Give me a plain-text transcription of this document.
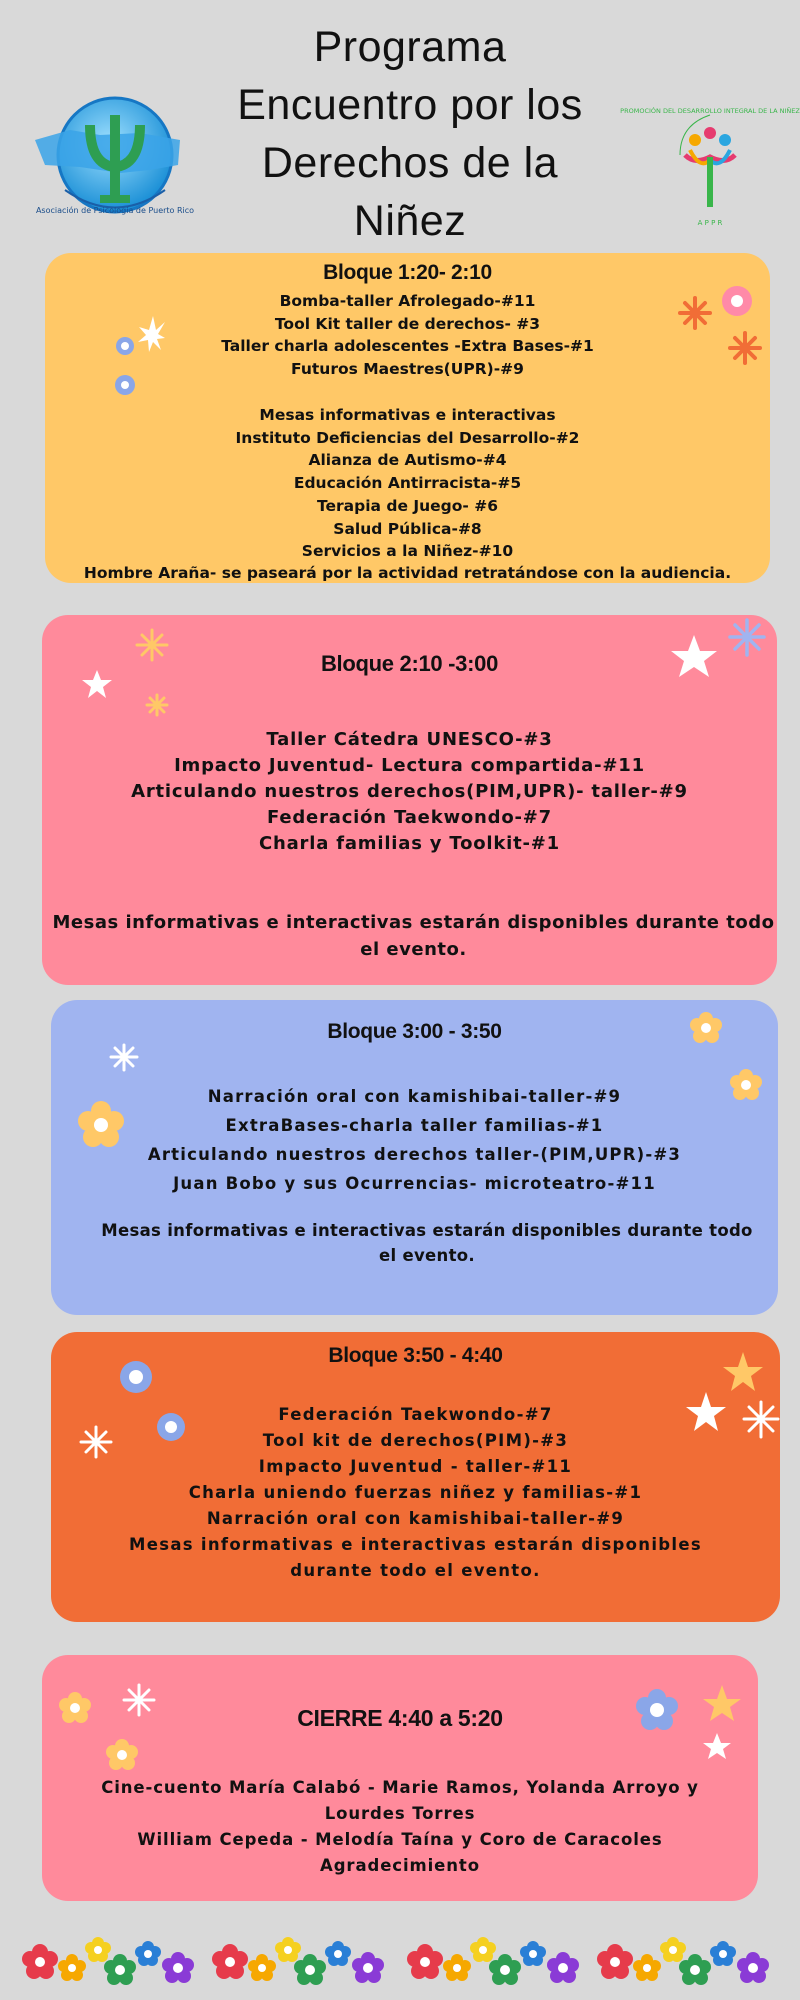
Programa
Encuentro por los
Derechos de la
Niñez
Asociación de Psicología de Puerto Rico
PROMOCIÓN DEL DESARROLLO INTEGRAL DE LA NIÑEZ
A P P R
Bloque 1:20- 2:10
Bomba-taller Afrolegado-#11
Tool Kit taller de derechos- #3
Taller charla adolescentes -Extra Bases-#1
Futuros Maestres(UPR)-#9
Mesas informativas e interactivas
Instituto Deficiencias del Desarrollo-#2
Alianza de Autismo-#4
Educación Antirracista-#5
Terapia de Juego- #6
Salud Pública-#8
Servicios a la Niñez-#10
Hombre Araña- se paseará por la actividad retratándose con la audiencia.
Bloque 2:10 -3:00
Taller Cátedra UNESCO-#3
Impacto Juventud- Lectura compartida-#11
Articulando nuestros derechos(PIM,UPR)- taller-#9
Federación Taekwondo-#7
Charla familias y Toolkit-#1
Mesas informativas e interactivas estarán disponibles durante todo el evento.
Bloque 3:00 - 3:50
Narración oral con kamishibai-taller-#9
ExtraBases-charla taller familias-#1
Articulando nuestros derechos taller-(PIM,UPR)-#3
Juan Bobo y sus Ocurrencias- microteatro-#11
Mesas informativas e interactivas estarán disponibles durante todo el evento.
Bloque 3:50 - 4:40
Federación Taekwondo-#7
Tool kit de derechos(PIM)-#3
Impacto Juventud - taller-#11
Charla uniendo fuerzas niñez y familias-#1
Narración oral con kamishibai-taller-#9
Mesas informativas e interactivas estarán disponibles
durante todo el evento.
CIERRE 4:40 a 5:20
Cine-cuento María Calabó - Marie Ramos, Yolanda Arroyo y Lourdes Torres
William Cepeda - Melodía Taína y Coro de Caracoles
Agradecimiento
